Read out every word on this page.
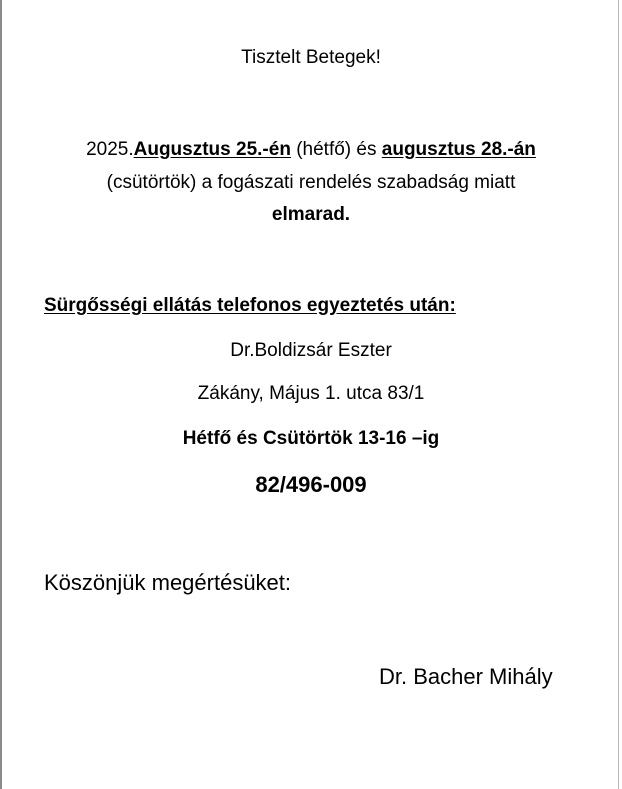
Tisztelt Betegek!
2025.Augusztus 25.-én (hétfő) és augusztus 28.-án
(csütörtök) a fogászati rendelés szabadság miatt
elmarad.
Sürgősségi ellátás telefonos egyeztetés után:
Dr.Boldizsár Eszter
Zákány, Május 1. utca 83/1
Hétfő és Csütörtök 13-16 –ig
82/496-009
Köszönjük megértésüket:
Dr. Bacher Mihály
